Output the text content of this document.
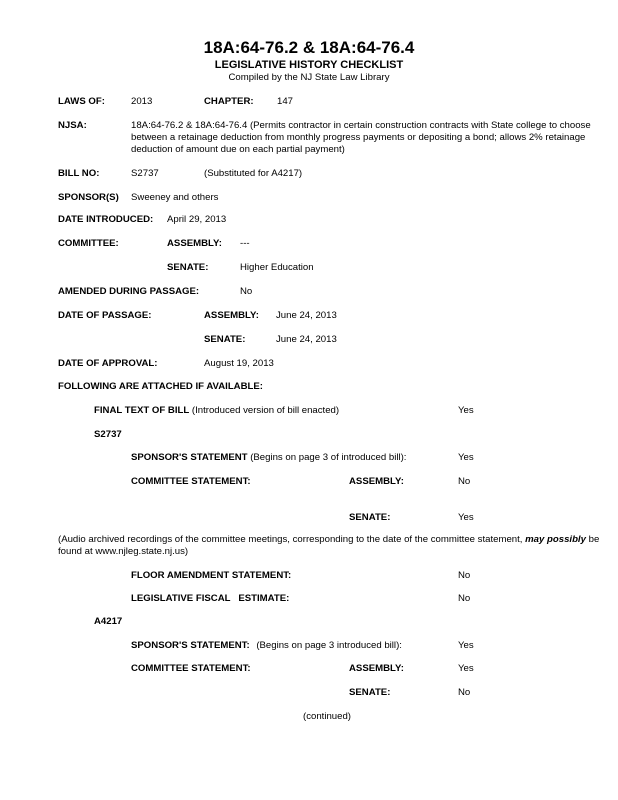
18A:64-76.2 & 18A:64-76.4
LEGISLATIVE HISTORY CHECKLIST
Compiled by the NJ State Law Library
LAWS OF:	2013	CHAPTER: 147
NJSA:	18A:64-76.2 & 18A:64-76.4 (Permits contractor in certain construction contracts with State college to choose between a retainage deduction from monthly progress payments or depositing a bond; allows 2% retainage deduction of amount due on each partial payment)
BILL NO:	S2737	(Substituted for A4217)
SPONSOR(S) Sweeney and others
DATE INTRODUCED: April 29, 2013
COMMITTEE:	ASSEMBLY: ---
SENATE:	Higher Education
AMENDED DURING PASSAGE:	No
DATE OF PASSAGE:	ASSEMBLY: June 24, 2013
SENATE:	June 24, 2013
DATE OF APPROVAL:	August 19, 2013
FOLLOWING ARE ATTACHED IF AVAILABLE:
FINAL TEXT OF BILL (Introduced version of bill enacted)	Yes
S2737
SPONSOR'S STATEMENT (Begins on page 3 of introduced bill):	Yes
COMMITTEE STATEMENT:	ASSEMBLY:	No
SENATE:	Yes
(Audio archived recordings of the committee meetings, corresponding to the date of the committee statement, may possibly be found at www.njleg.state.nj.us)
FLOOR AMENDMENT STATEMENT:	No
LEGISLATIVE FISCAL   ESTIMATE:	No
A4217
SPONSOR'S STATEMENT: (Begins on page 3 introduced bill):	Yes
COMMITTEE STATEMENT:	ASSEMBLY:	Yes
SENATE:	No
(continued)
